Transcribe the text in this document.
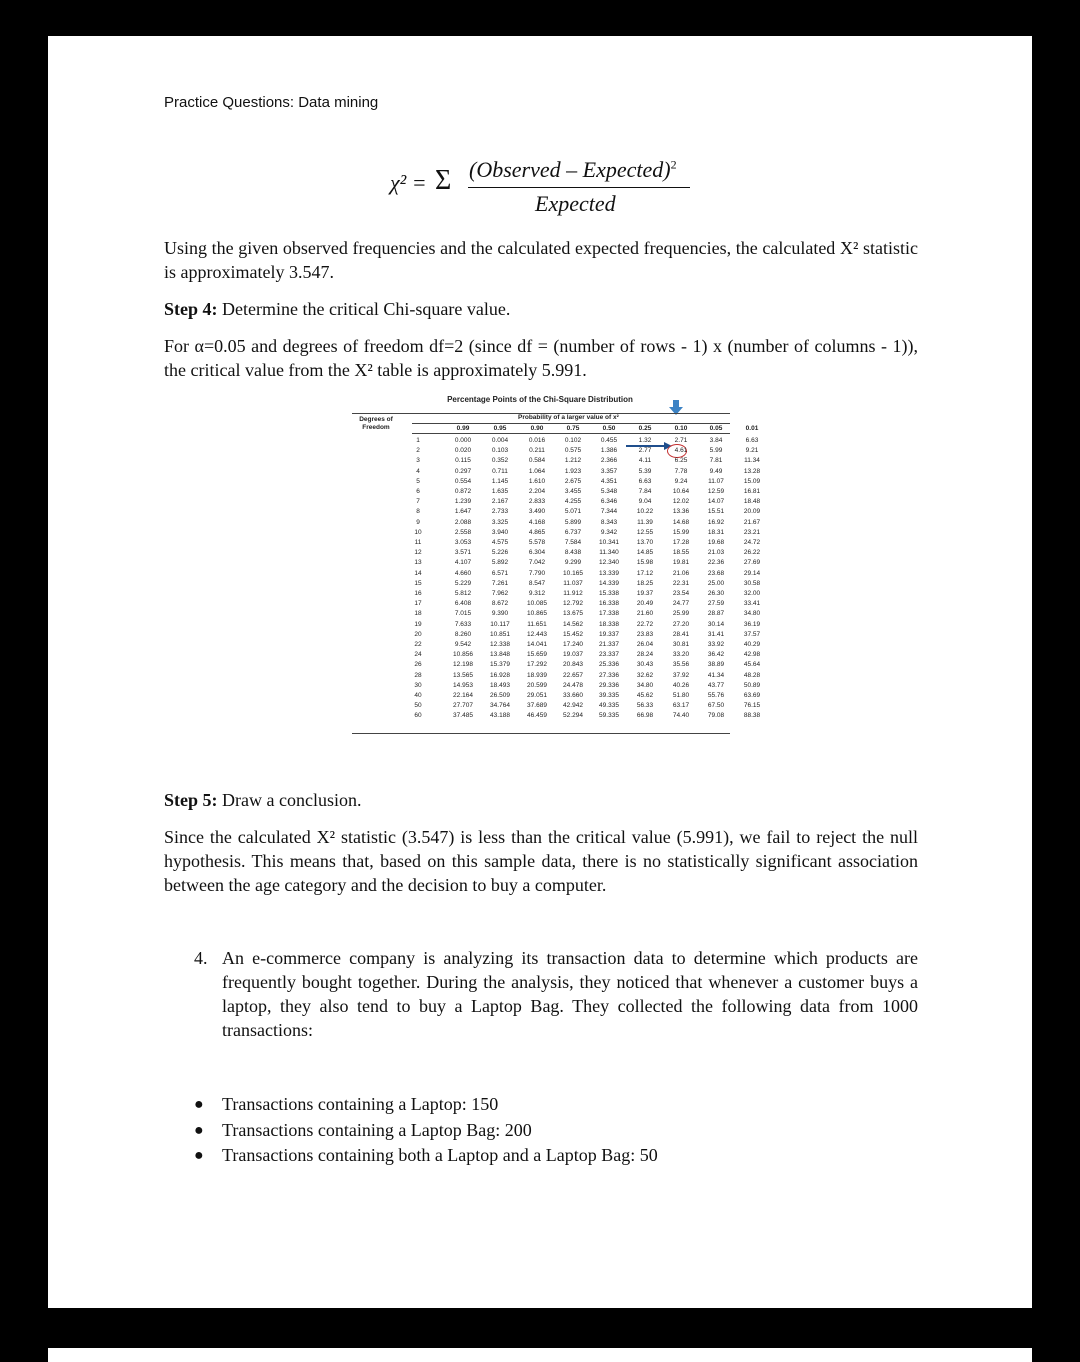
Practice Questions: Data mining
χ² = Σ (Observed – Expected)$^2$
Expected

Using the given observed frequencies and the calculated expected frequencies, the calculated X² statistic is approximately 3.547.

Step 4: Determine the critical Chi-square value.

For α=0.05 and degrees of freedom df=2 (since df = (number of rows - 1) x (number of columns - 1)), the critical value from the X² table is approximately 5.991.

Percentage Points of the Chi-Square Distribution
Degrees of
Freedom
Probability of a larger value of x²
0.99	0.95	0.90	0.75	0.50	0.25	0.10	0.05	0.01
1	0.000	0.004	0.016	0.102	0.455	1.32	2.71	3.84	6.63
2	0.020	0.103	0.211	0.575	1.386	2.77	4.61	5.99	9.21
3	0.115	0.352	0.584	1.212	2.366	4.11	6.25	7.81	11.34
4	0.297	0.711	1.064	1.923	3.357	5.39	7.78	9.49	13.28
5	0.554	1.145	1.610	2.675	4.351	6.63	9.24	11.07	15.09
6	0.872	1.635	2.204	3.455	5.348	7.84	10.64	12.59	16.81
7	1.239	2.167	2.833	4.255	6.346	9.04	12.02	14.07	18.48
8	1.647	2.733	3.490	5.071	7.344	10.22	13.36	15.51	20.09
9	2.088	3.325	4.168	5.899	8.343	11.39	14.68	16.92	21.67
10	2.558	3.940	4.865	6.737	9.342	12.55	15.99	18.31	23.21
11	3.053	4.575	5.578	7.584	10.341	13.70	17.28	19.68	24.72
12	3.571	5.226	6.304	8.438	11.340	14.85	18.55	21.03	26.22
13	4.107	5.892	7.042	9.299	12.340	15.98	19.81	22.36	27.69
14	4.660	6.571	7.790	10.165	13.339	17.12	21.06	23.68	29.14
15	5.229	7.261	8.547	11.037	14.339	18.25	22.31	25.00	30.58
16	5.812	7.962	9.312	11.912	15.338	19.37	23.54	26.30	32.00
17	6.408	8.672	10.085	12.792	16.338	20.49	24.77	27.59	33.41
18	7.015	9.390	10.865	13.675	17.338	21.60	25.99	28.87	34.80
19	7.633	10.117	11.651	14.562	18.338	22.72	27.20	30.14	36.19
20	8.260	10.851	12.443	15.452	19.337	23.83	28.41	31.41	37.57
22	9.542	12.338	14.041	17.240	21.337	26.04	30.81	33.92	40.29
24	10.856	13.848	15.659	19.037	23.337	28.24	33.20	36.42	42.98
26	12.198	15.379	17.292	20.843	25.336	30.43	35.56	38.89	45.64
28	13.565	16.928	18.939	22.657	27.336	32.62	37.92	41.34	48.28
30	14.953	18.493	20.599	24.478	29.336	34.80	40.26	43.77	50.89
40	22.164	26.509	29.051	33.660	39.335	45.62	51.80	55.76	63.69
50	27.707	34.764	37.689	42.942	49.335	56.33	63.17	67.50	76.15
60	37.485	43.188	46.459	52.294	59.335	66.98	74.40	79.08	88.38

Step 5: Draw a conclusion.

Since the calculated X² statistic (3.547) is less than the critical value (5.991), we fail to reject the null hypothesis. This means that, based on this sample data, there is no statistically significant association between the age category and the decision to buy a computer.

4. An e-commerce company is analyzing its transaction data to determine which products are frequently bought together. During the analysis, they noticed that whenever a customer buys a laptop, they also tend to buy a Laptop Bag. They collected the following data from 1000 transactions:
● Transactions containing a Laptop: 150
● Transactions containing a Laptop Bag: 200
● Transactions containing both a Laptop and a Laptop Bag: 50
